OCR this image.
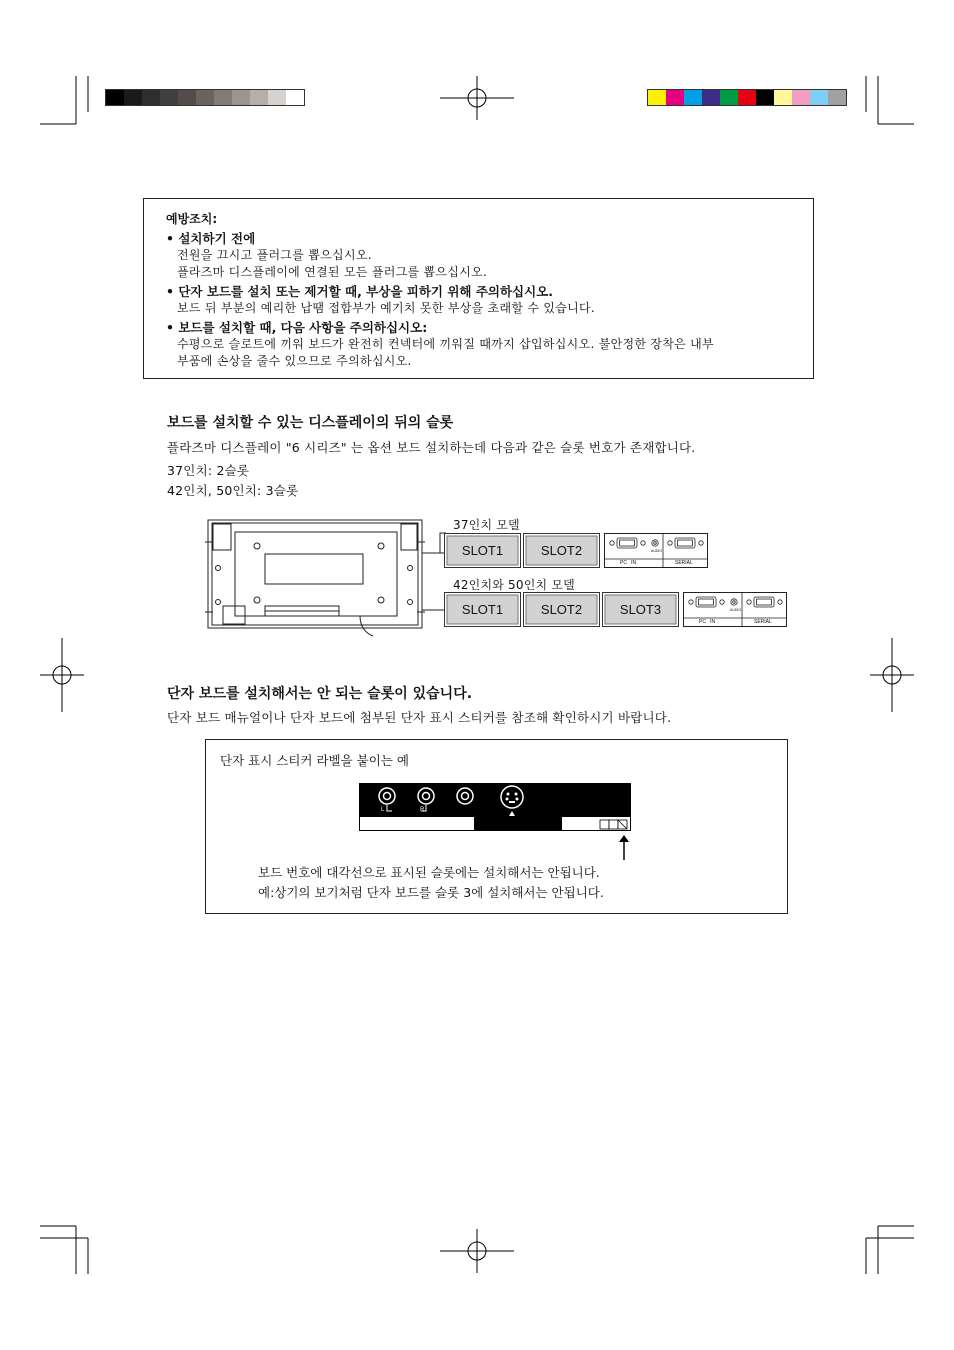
예방조치:
• 설치하기 전에
전원을 끄시고 플러그를 뽑으십시오.
플라즈마 디스플레이에 연결된 모든 플러그를 뽑으십시오.
• 단자 보드를 설치 또는 제거할 때, 부상을 피하기 위해 주의하십시오.
보드 뒤 부분의 예리한 납땜 접합부가 예기치 못한 부상을 초래할 수 있습니다.
• 보드를 설치할 때, 다음 사항을 주의하십시오:
수평으로 슬로트에 끼워 보드가 완전히 컨넥터에 끼워질 때까지 삽입하십시오. 불안정한 장착은 내부
부품에 손상을 줄수 있으므로 주의하십시오.
보드를 설치할 수 있는 디스플레이의 뒤의 슬롯
플라즈마 디스플레이 "6 시리즈" 는 옵션 보드 설치하는데 다음과 같은 슬롯 번호가 존재합니다.
37인치: 2슬롯
42인치, 50인치: 3슬롯
37인치 모델
SLOT1	SLOT2	AUDIO
PC   IN	SERIAL
42인치와 50인치 모델
SLOT1	SLOT2	SLOT3	AUDIO
PC   IN	SERIAL
단자 보드를 설치해서는 안 되는 슬롯이 있습니다.
단자 보드 매뉴얼이나 단자 보드에 첨부된 단자 표시 스티커를 참조해 확인하시기 바랍니다.
단자 표시 스티커 라벨을 붙이는 예
L	R
보드 번호에 대각선으로 표시된 슬롯에는 설치해서는 안됩니다.
예:상기의 보기처럼 단자 보드를 슬롯 3에 설치해서는 안됩니다.
